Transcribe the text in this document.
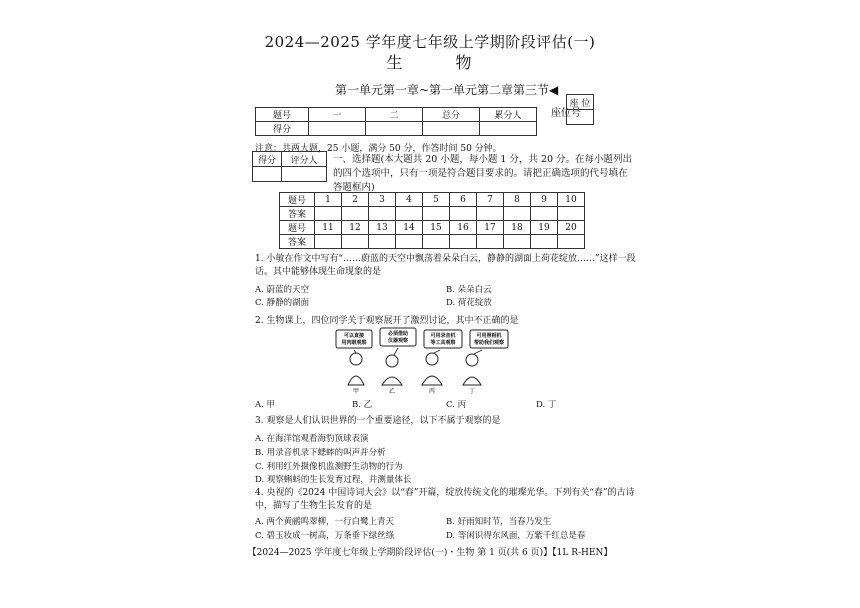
2024—2025 学年度七年级上学期阶段评估(一)
生	物
第一单元第一章~第一单元第二章第三节◀
题号	一	二	总分	累分人
得分				
座位号
座 位

注意：共两大题，25 小题，满分 50 分，作答时间 50 分钟。
得分	评分人
	一、选择题(本大题共 20 小题，每小题 1 分，共 20 分。在每小题列出的四个选项中，只有一项是符合题目要求的。请把正确选项的代号填在答题框内)
题号	1	2	3	4	5	6	7	8	9	10
答案										
题号	11	12	13	14	15	16	17	18	19	20
答案										
1. 小敏在作文中写有“……蔚蓝的天空中飘荡着朵朵白云，静静的湖面上荷花绽放……”这样一段话。其中能够体现生命现象的是
A. 蔚蓝的天空	B. 朵朵白云
C. 静静的湖面	D. 荷花绽放
2. 生物课上，四位同学关于观察展开了激烈讨论，其中不正确的是
可以直接
用肉眼观察
必须借助
仪器观察
可用录音机
等工具观察
可用照相机
帮助我们观察
甲	乙	丙	丁
A. 甲	B. 乙	C. 丙	D. 丁
3. 观察是人们认识世界的一个重要途径，以下不属于观察的是
A. 在海洋馆观看海豹顶球表演
B. 用录音机录下蟋蟀的叫声并分析
C. 利用红外摄像机监测野生动物的行为
D. 观察蝌蚪的生长发育过程，并测量体长
4. 央视的《2024 中国诗词大会》以“春”开篇，绽放传统文化的璀璨光华。下列有关“春”的古诗中，描写了生物生长发育的是
A. 两个黄鹂鸣翠柳，一行白鹭上青天	B. 好雨知时节，当春乃发生
C. 碧玉妆成一树高，万条垂下绿丝绦	D. 等闲识得东风面，万紫千红总是春
【2024—2025 学年度七年级上学期阶段评估(一)・生物 第 1 页(共 6 页)】【1L R-HEN】
